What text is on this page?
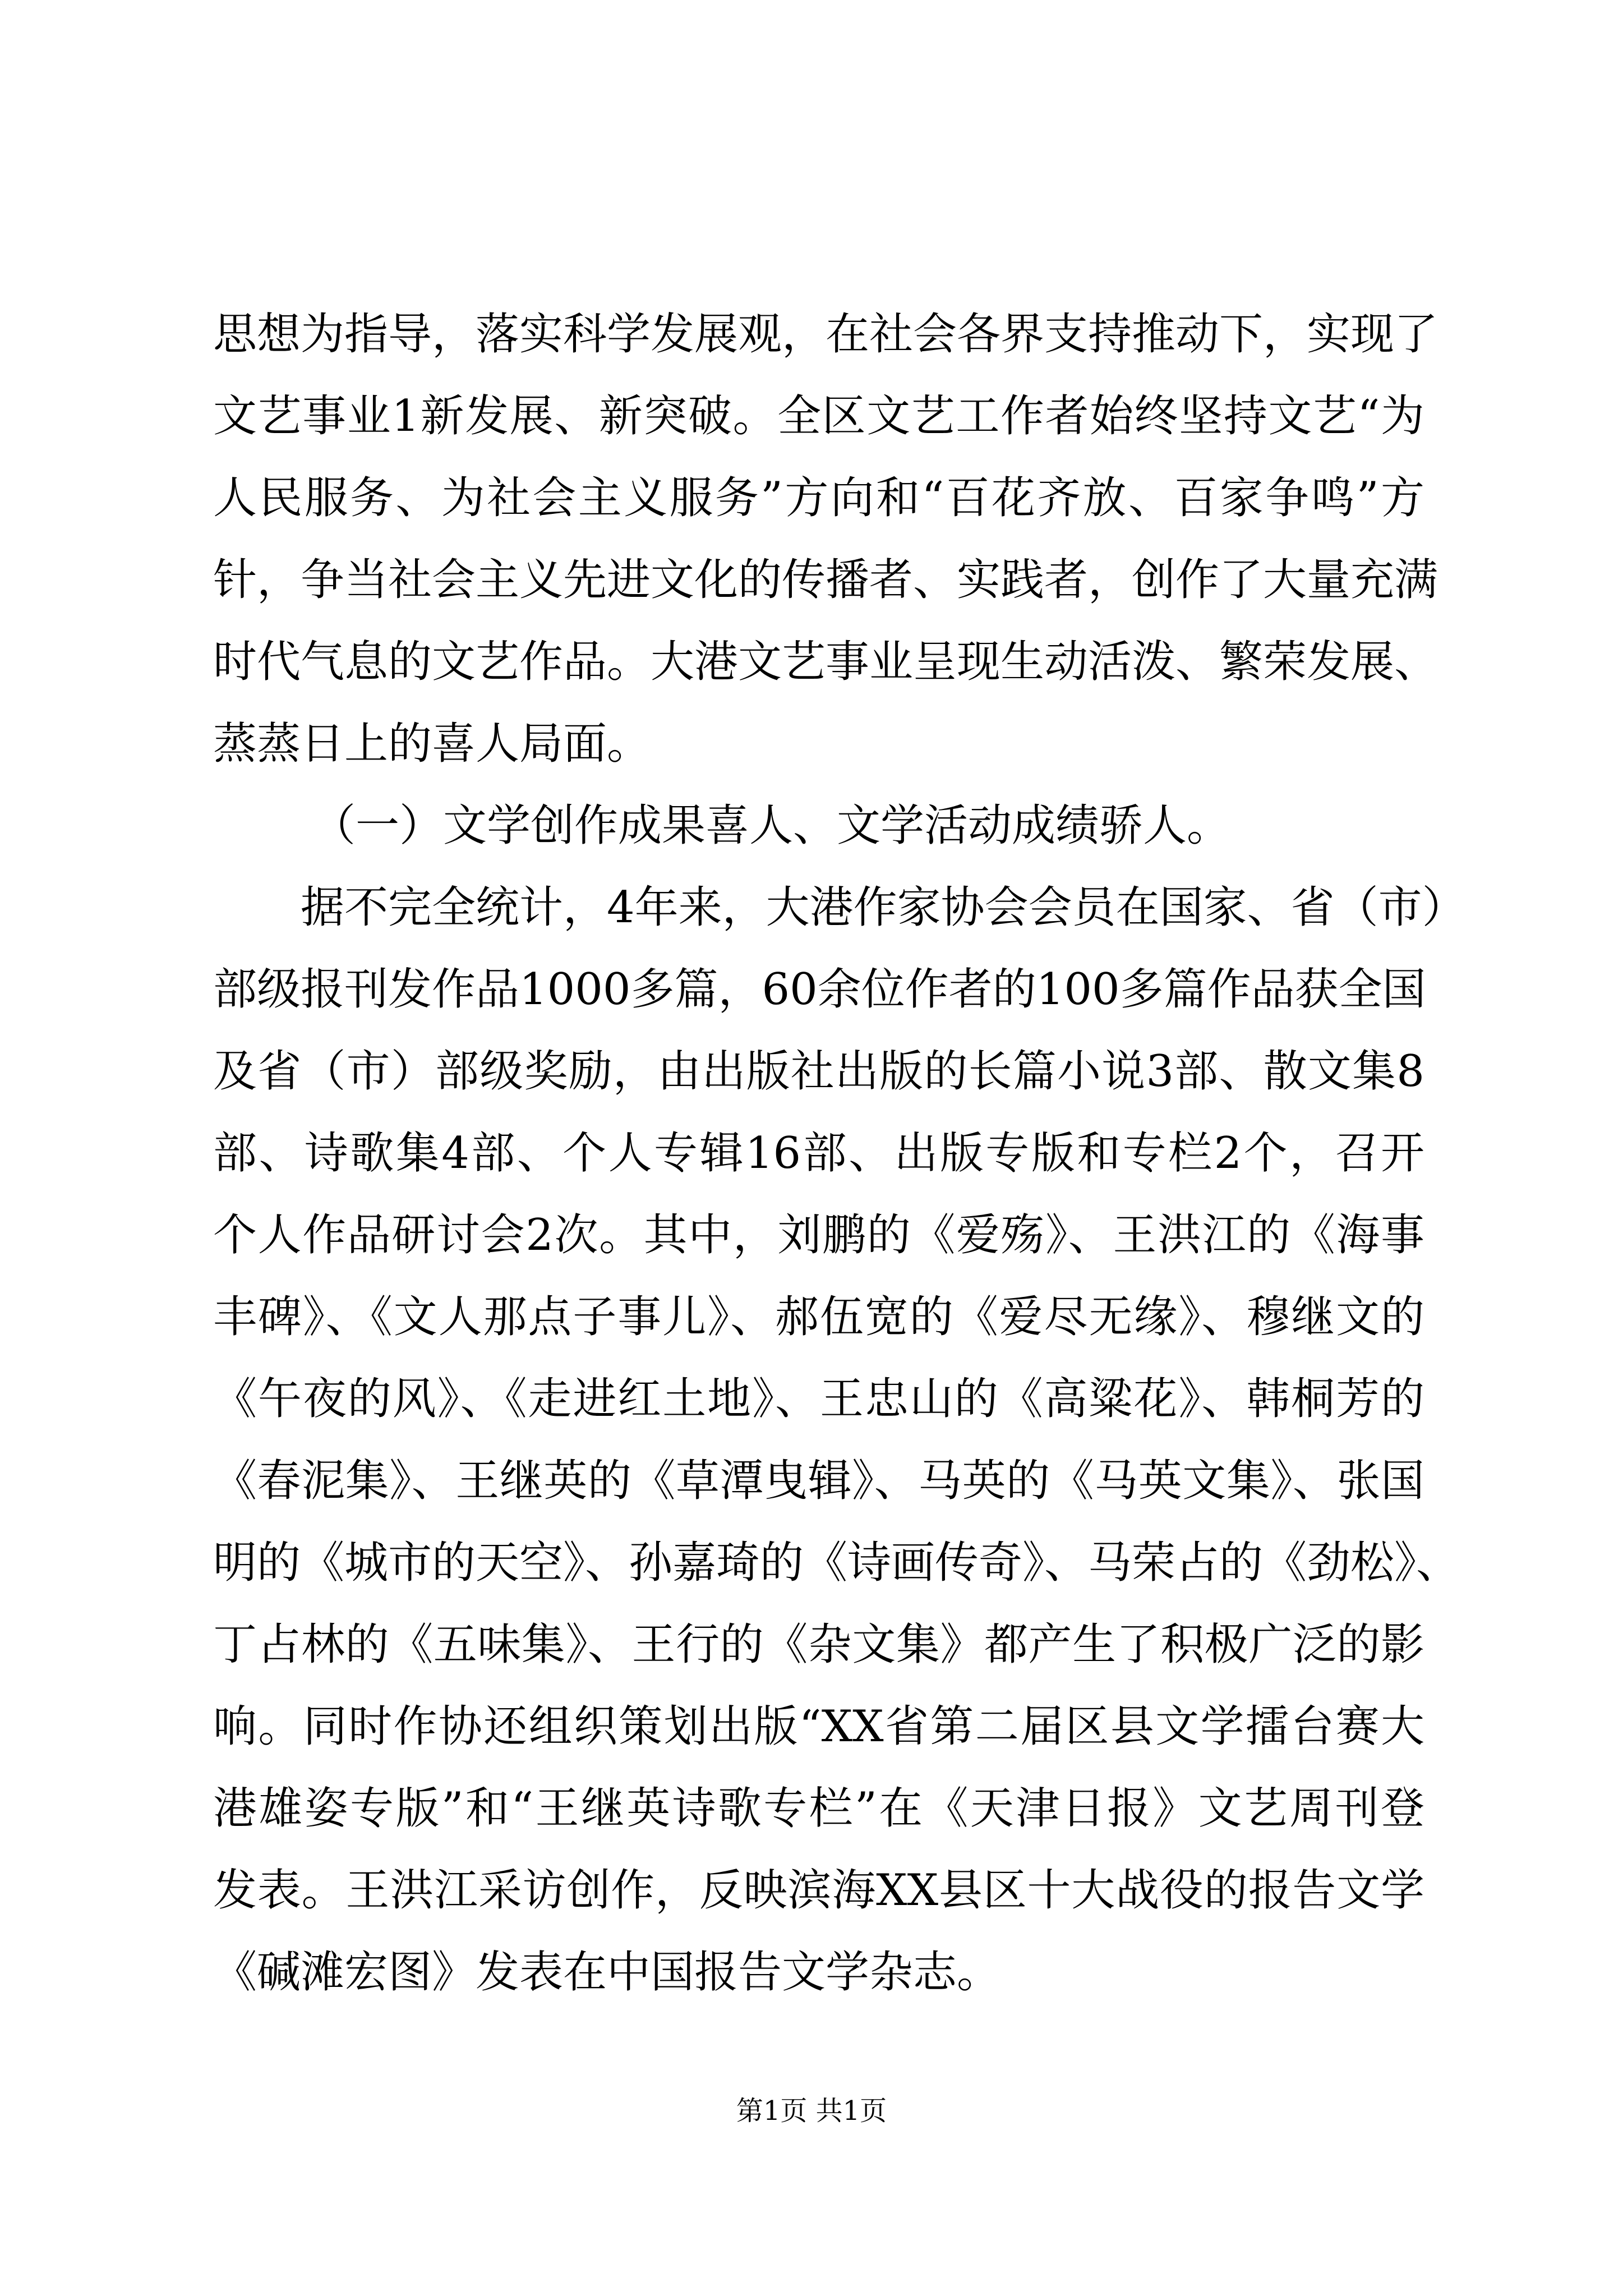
思想为指导，落实科学发展观，在社会各界支持推动下，实现了
文艺事业1新发展、新突破。全区文艺工作者始终坚持文艺“为
人民服务、为社会主义服务”方向和“百花齐放、百家争鸣”方
针，争当社会主义先进文化的传播者、实践者，创作了大量充满
时代气息的文艺作品。大港文艺事业呈现生动活泼、繁荣发展、
蒸蒸日上的喜人局面。
（一）文学创作成果喜人、文学活动成绩骄人。
据不完全统计，4年来，大港作家协会会员在国家、省（市）
部级报刊发作品1000多篇，60余位作者的100多篇作品获全国
及省（市）部级奖励，由出版社出版的长篇小说3部、散文集8
部、诗歌集4部、个人专辑16部、出版专版和专栏2个，召开
个人作品研讨会2次。其中，刘鹏的《爱殇》、王洪江的《海事
丰碑》、《文人那点子事儿》、郝伍宽的《爱尽无缘》、穆继文的
《午夜的风》、《走进红土地》、王忠山的《高粱花》、韩桐芳的
《春泥集》、王继英的《草潭曳辑》、马英的《马英文集》、张国
明的《城市的天空》、孙嘉琦的《诗画传奇》、马荣占的《劲松》、
丁占林的《五味集》、王行的《杂文集》都产生了积极广泛的影
响。同时作协还组织策划出版“XX省第二届区县文学擂台赛大
港雄姿专版”和“王继英诗歌专栏”在《天津日报》文艺周刊登
发表。王洪江采访创作，反映滨海XX县区十大战役的报告文学
《碱滩宏图》发表在中国报告文学杂志。
第1页 共1页
